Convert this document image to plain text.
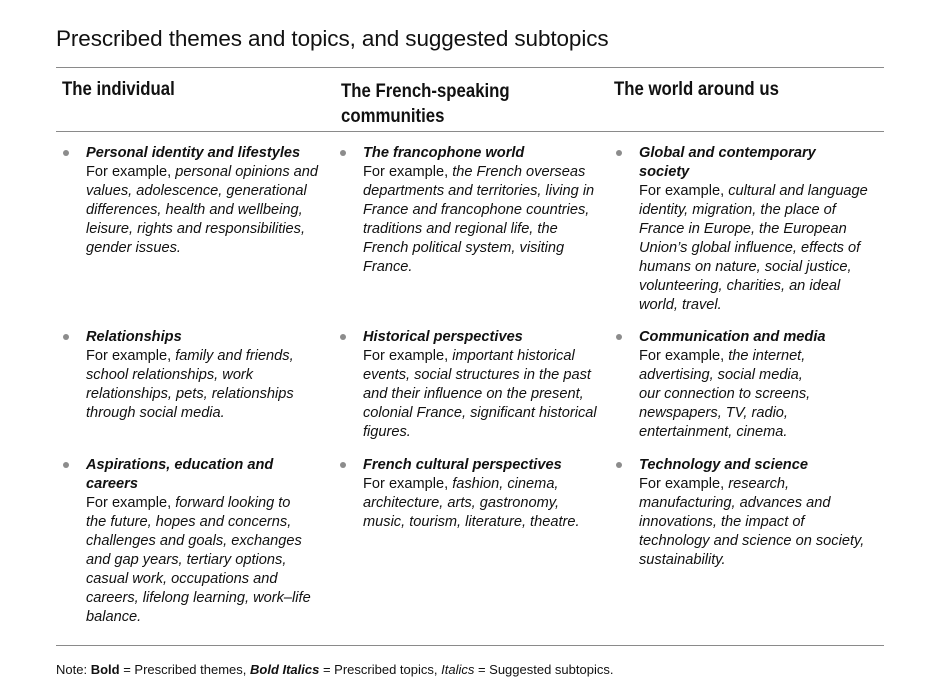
Prescribed themes and topics, and suggested subtopics
The individual	The French-speaking
communities
The world around us
Personal identity and lifestyles
For example, personal opinions and
values, adolescence, generational
differences, health and wellbeing,
leisure, rights and responsibilities,
gender issues.
Relationships
For example, family and friends,
school relationships, work
relationships, pets, relationships
through social media.
Aspirations, education and
careers
For example, forward looking to
the future, hopes and concerns,
challenges and goals, exchanges
and gap years, tertiary options,
casual work, occupations and
careers, lifelong learning, work–life
balance.
The francophone world
For example, the French overseas
departments and territories, living in
France and francophone countries,
traditions and regional life, the
French political system, visiting
France.
Historical perspectives
For example, important historical
events, social structures in the past
and their influence on the present,
colonial France, significant historical
figures.
French cultural perspectives
For example, fashion, cinema,
architecture, arts, gastronomy,
music, tourism, literature, theatre.
Global and contemporary
society
For example, cultural and language
identity, migration, the place of
France in Europe, the European
Union’s global influence, effects of
humans on nature, social justice,
volunteering, charities, an ideal
world, travel.
Communication and media
For example, the internet,
advertising, social media,
our connection to screens,
newspapers, TV, radio,
entertainment, cinema.
Technology and science
For example, research,
manufacturing, advances and
innovations, the impact of
technology and science on society,
sustainability.
Note: Bold = Prescribed themes, Bold Italics = Prescribed topics, Italics = Suggested subtopics.
